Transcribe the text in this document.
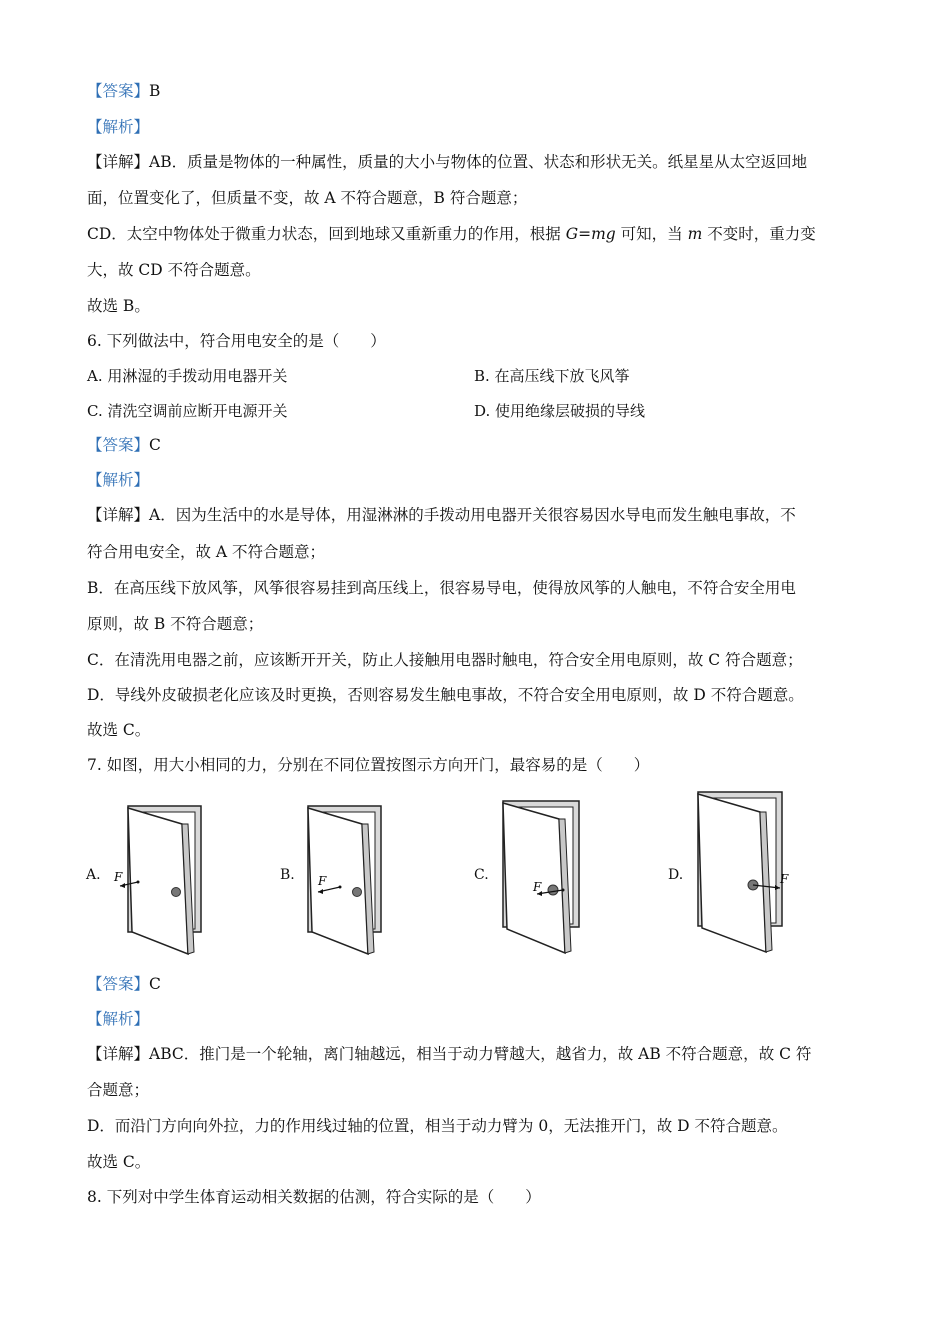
【答案】B
【解析】
【详解】AB．质量是物体的一种属性，质量的大小与物体的位置、状态和形状无关。纸星星从太空返回地
面，位置变化了，但质量不变，故 A 不符合题意，B 符合题意；
CD．太空中物体处于微重力状态，回到地球又重新重力的作用，根据 G=mg 可知，当 m 不变时，重力变
大，故 CD 不符合题意。
故选 B。
6. 下列做法中，符合用电安全的是（　　）
A. 用淋湿的手拨动用电器开关	B. 在高压线下放飞风筝
C. 清洗空调前应断开电源开关	D. 使用绝缘层破损的导线
【答案】C
【解析】
【详解】A．因为生活中的水是导体，用湿淋淋的手拨动用电器开关很容易因水导电而发生触电事故，不
符合用电安全，故 A 不符合题意；
B．在高压线下放风筝，风筝很容易挂到高压线上，很容易导电，使得放风筝的人触电，不符合安全用电
原则，故 B 不符合题意；
C．在清洗用电器之前，应该断开开关，防止人接触用电器时触电，符合安全用电原则，故 C 符合题意；
D．导线外皮破损老化应该及时更换，否则容易发生触电事故，不符合安全用电原则，故 D 不符合题意。
故选 C。
7. 如图，用大小相同的力，分别在不同位置按图示方向开门，最容易的是（　　）
A. F	B. F	C.
F
D.	F
【答案】C
【解析】
【详解】ABC．推门是一个轮轴，离门轴越远，相当于动力臂越大，越省力，故 AB 不符合题意，故 C 符
合题意；
D．而沿门方向向外拉，力的作用线过轴的位置，相当于动力臂为 0，无法推开门，故 D 不符合题意。
故选 C。
8. 下列对中学生体育运动相关数据的估测，符合实际的是（　　）
